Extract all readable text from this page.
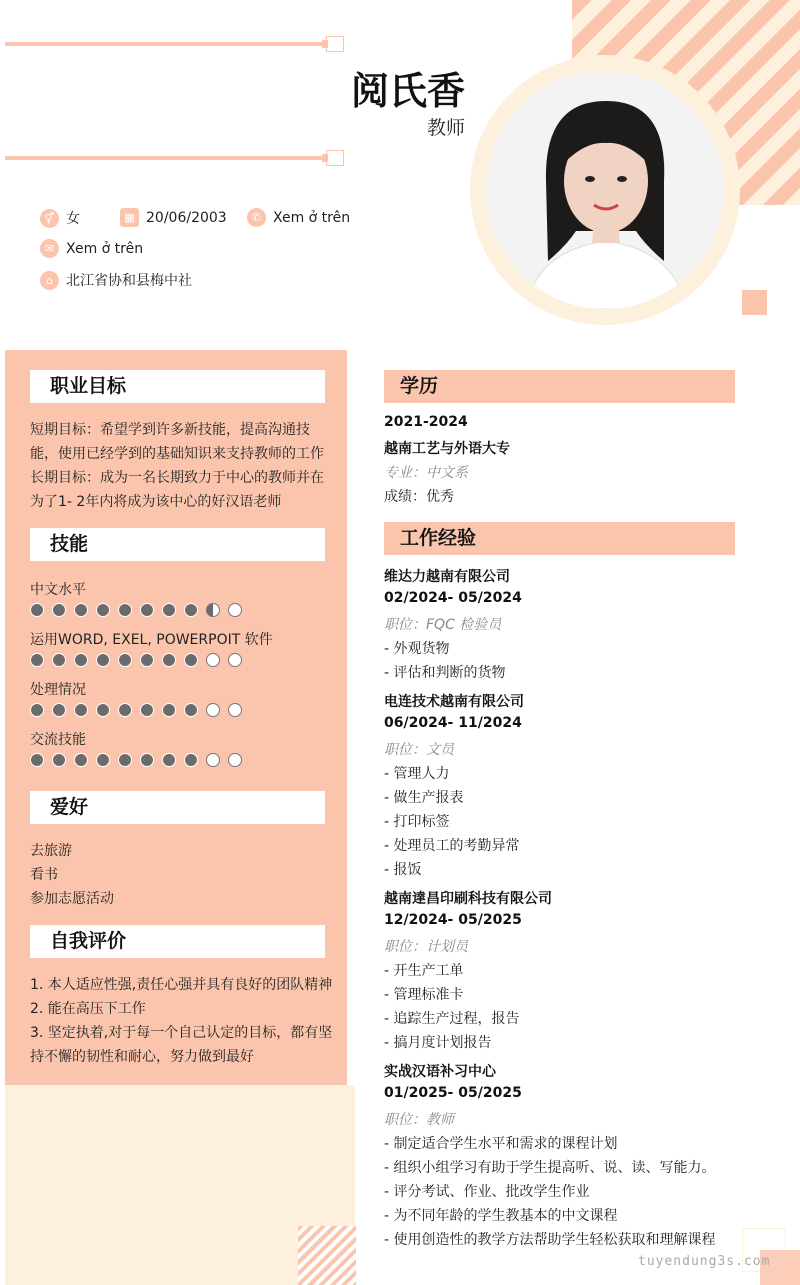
阅氏香
教师
⚥ 女	▦ 20/06/2003	✆ Xem ở trên
✉ Xem ở trên
⌂ 北江省协和县梅中社
职业目标
短期目标：希望学到许多新技能，提高沟通技能，使用已经学到的基础知识来支持教师的工作长期目标：成为一名长期致力于中心的教师并在为了1- 2年内将成为该中心的好汉语老师
技能
中文水平
运用WORD, EXEL, POWERPOIT 软件
处理情况
交流技能
爱好
去旅游
看书
参加志愿活动
自我评价
1. 本人适应性强,责任心强并具有良好的团队精神
2. 能在高压下工作
3. 坚定执着,对于每一个自己认定的目标，都有坚持不懈的韧性和耐心，努力做到最好
学历
2021-2024
越南工艺与外语大专
专业：中文系
成绩：优秀
工作经验
维达力越南有限公司
02/2024- 05/2024
职位：FQC 检验员
- 外观货物
- 评估和判断的货物
电连技术越南有限公司
06/2024- 11/2024
职位：文员
- 管理人力
- 做生产报表
- 打印标签
- 处理员工的考勤异常
- 报饭
越南達昌印刷科技有限公司
12/2024- 05/2025
职位：计划员
- 开生产工单
- 管理标准卡
- 追踪生产过程，报告
- 搞月度计划报告
实战汉语补习中心
01/2025- 05/2025
职位：教师
- 制定适合学生水平和需求的课程计划
- 组织小组学习有助于学生提高听、说、读、写能力。
- 评分考试、作业、批改学生作业
- 为不同年龄的学生教基本的中文课程
- 使用创造性的教学方法帮助学生轻松获取和理解课程
tuyendung3s.com
